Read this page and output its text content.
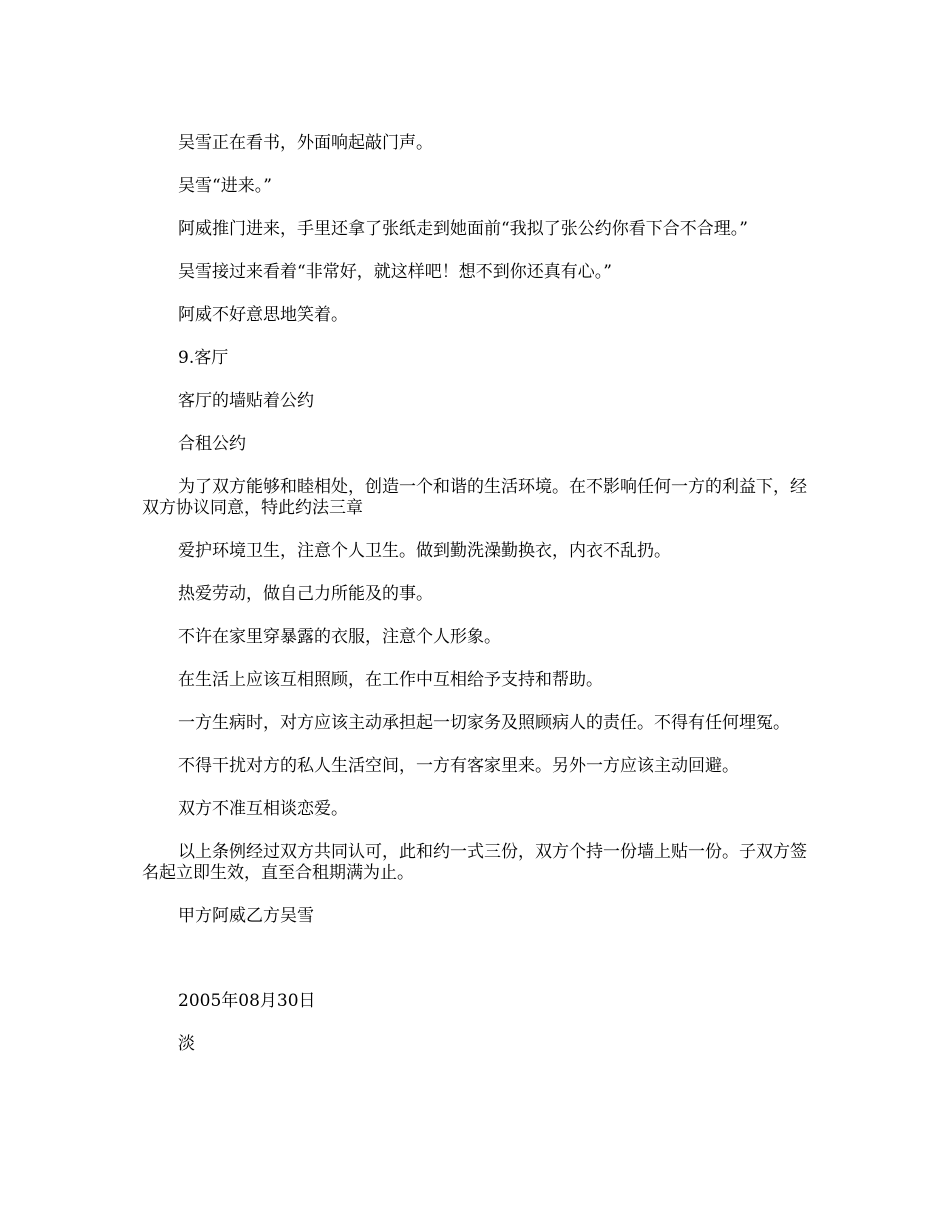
吴雪正在看书，外面响起敲门声。

吴雪“进来。”

阿威推门进来，手里还拿了张纸走到她面前“我拟了张公约你看下合不合理。”

吴雪接过来看着“非常好，就这样吧！想不到你还真有心。”

阿威不好意思地笑着。

9.客厅

客厅的墙贴着公约

合租公约

为了双方能够和睦相处，创造一个和谐的生活环境。在不影响任何一方的利益下，经双方协议同意，特此约法三章

爱护环境卫生，注意个人卫生。做到勤洗澡勤换衣，内衣不乱扔。

热爱劳动，做自己力所能及的事。

不许在家里穿暴露的衣服，注意个人形象。

在生活上应该互相照顾，在工作中互相给予支持和帮助。

一方生病时，对方应该主动承担起一切家务及照顾病人的责任。不得有任何埋冤。

不得干扰对方的私人生活空间，一方有客家里来。另外一方应该主动回避。

双方不准互相谈恋爱。

以上条例经过双方共同认可，此和约一式三份，双方个持一份墙上贴一份。子双方签名起立即生效，直至合租期满为止。

甲方阿威乙方吴雪

2005年08月30日

淡
